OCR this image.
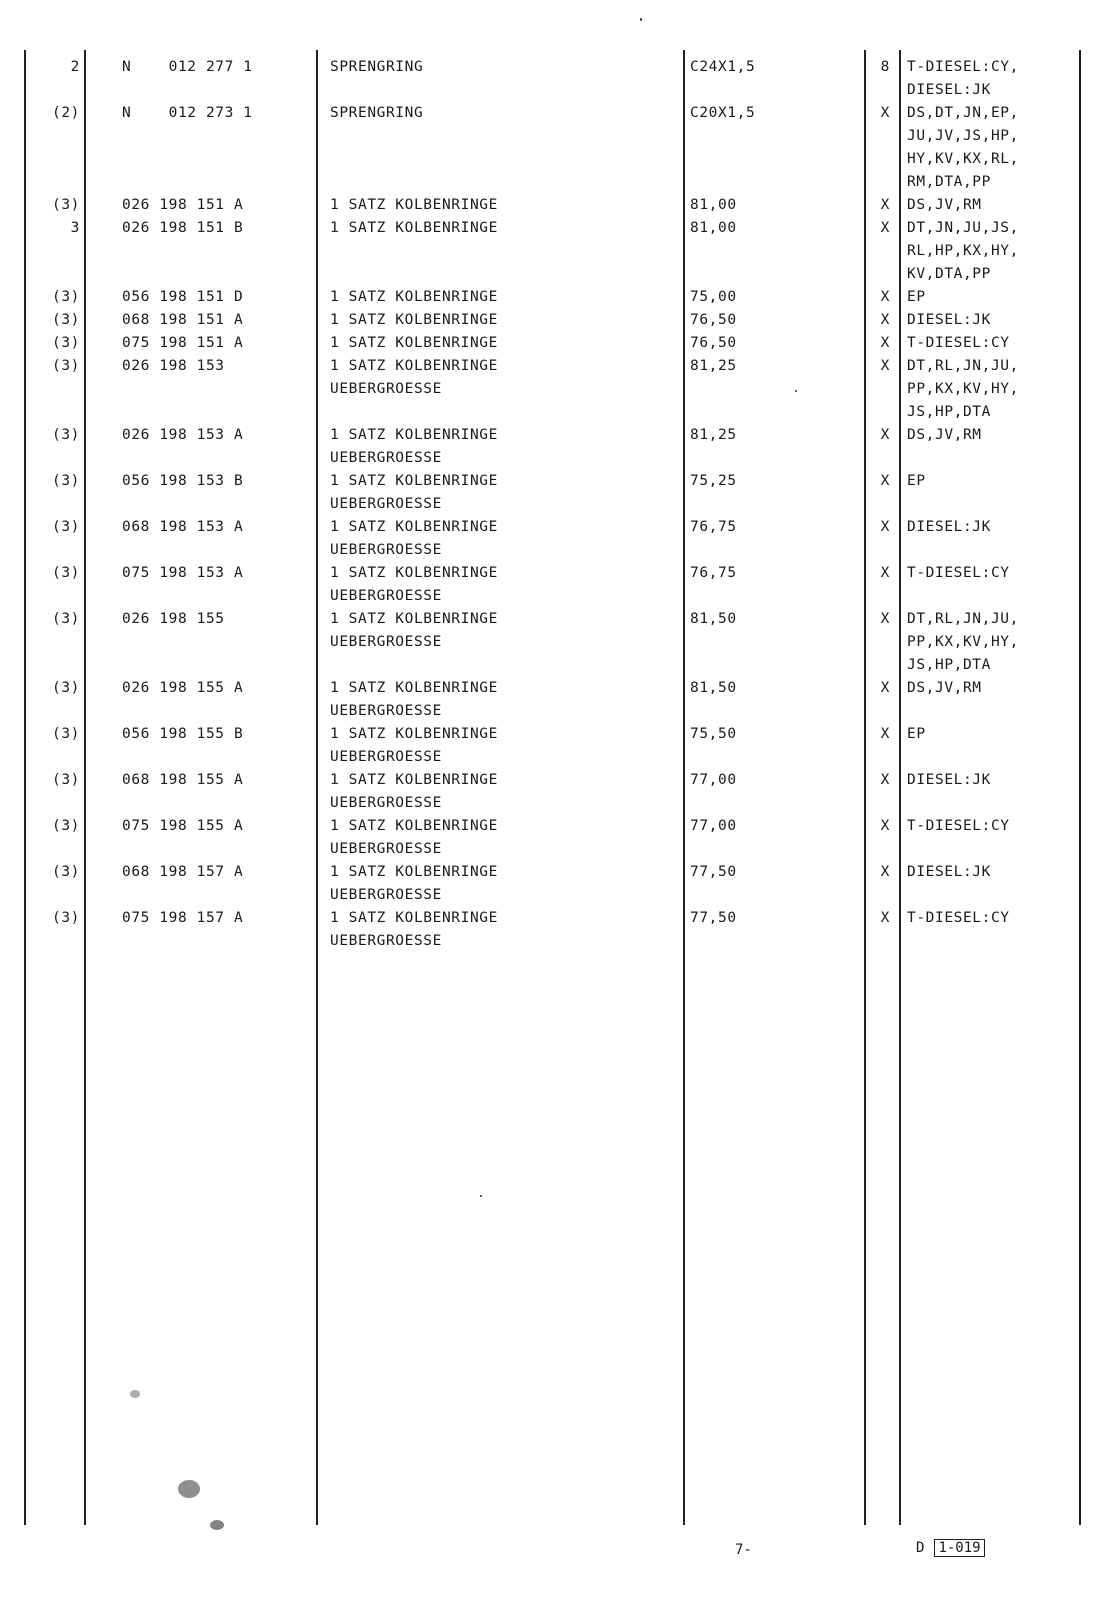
2	N    012 277 1	SPRENGRING	C24X1,5	8 T-DIESEL:CY,
DIESEL:JK
(2)	N    012 273 1	SPRENGRING	C20X1,5	X DS,DT,JN,EP,
JU,JV,JS,HP,
HY,KV,KX,RL,
RM,DTA,PP
(3)	026 198 151 A	1 SATZ KOLBENRINGE	81,00	X DS,JV,RM
3	026 198 151 B	1 SATZ KOLBENRINGE	81,00	X DT,JN,JU,JS,
RL,HP,KX,HY,
KV,DTA,PP
(3)	056 198 151 D	1 SATZ KOLBENRINGE	75,00	X EP
(3)	068 198 151 A	1 SATZ KOLBENRINGE	76,50	X DIESEL:JK
(3)	075 198 151 A	1 SATZ KOLBENRINGE	76,50	X T-DIESEL:CY
(3)	026 198 153	1 SATZ KOLBENRINGE
UEBERGROESSE
81,25	X DT,RL,JN,JU,
PP,KX,KV,HY,
JS,HP,DTA
(3)	026 198 153 A	1 SATZ KOLBENRINGE
UEBERGROESSE
81,25	X DS,JV,RM
(3)	056 198 153 B	1 SATZ KOLBENRINGE
UEBERGROESSE
75,25	X EP
(3)	068 198 153 A	1 SATZ KOLBENRINGE
UEBERGROESSE
76,75	X DIESEL:JK
(3)	075 198 153 A	1 SATZ KOLBENRINGE
UEBERGROESSE
76,75	X T-DIESEL:CY
(3)	026 198 155	1 SATZ KOLBENRINGE
UEBERGROESSE
81,50	X DT,RL,JN,JU,
PP,KX,KV,HY,
JS,HP,DTA
(3)	026 198 155 A	1 SATZ KOLBENRINGE
UEBERGROESSE
81,50	X DS,JV,RM
(3)	056 198 155 B	1 SATZ KOLBENRINGE
UEBERGROESSE
75,50	X EP
(3)	068 198 155 A	1 SATZ KOLBENRINGE
UEBERGROESSE
77,00	X DIESEL:JK
(3)	075 198 155 A	1 SATZ KOLBENRINGE
UEBERGROESSE
77,00	X T-DIESEL:CY
(3)	068 198 157 A	1 SATZ KOLBENRINGE
UEBERGROESSE
77,50	X DIESEL:JK
(3)	075 198 157 A	1 SATZ KOLBENRINGE
UEBERGROESSE
77,50	X T-DIESEL:CY
7-	D 1-019
